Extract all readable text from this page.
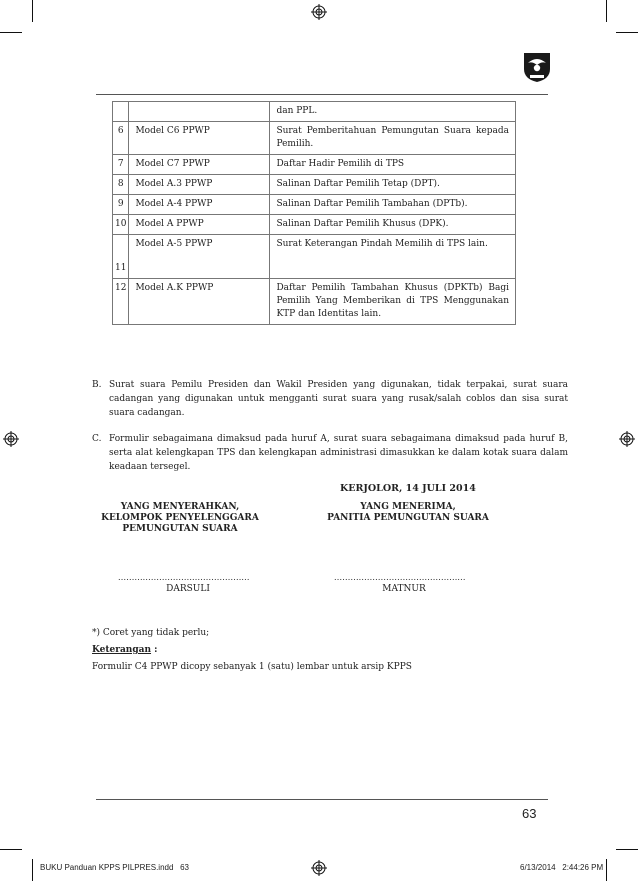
		dan PPL.
6	Model C6 PPWP	Surat Pemberitahuan Pemungutan Suara kepada Pemilih.
7	Model C7 PPWP	Daftar Hadir Pemilih di TPS
8	Model A.3 PPWP	Salinan Daftar Pemilih Tetap (DPT).
9	Model A-4 PPWP	Salinan Daftar Pemilih Tambahan (DPTb).
10	Model A PPWP	Salinan Daftar Pemilih Khusus (DPK).
11	Model A-5 PPWP	Surat Keterangan Pindah Memilih di TPS lain.
12	Model A.K PPWP	Daftar Pemilih Tambahan Khusus (DPKTb) Bagi Pemilih Yang Memberikan di TPS Menggunakan KTP dan Identitas lain.
B. Surat suara Pemilu Presiden dan Wakil Presiden yang digunakan, tidak terpakai, surat suara cadangan yang digunakan untuk mengganti surat suara yang rusak/salah coblos dan sisa surat suara cadangan.
C. Formulir sebagaimana dimaksud pada huruf A, surat suara sebagaimana dimaksud pada huruf B, serta alat kelengkapan TPS dan kelengkapan administrasi dimasukkan ke dalam kotak suara dalam keadaan tersegel.
KERJOLOR, 14 JULI 2014
YANG MENYERAHKAN,
KELOMPOK PENYELENGGARA
PEMUNGUTAN SUARA
................................................
DARSULI
YANG MENERIMA,
PANITIA PEMUNGUTAN SUARA
................................................
MATNUR
*) Coret yang tidak perlu;
Keterangan :
Formulir C4 PPWP dicopy sebanyak 1 (satu) lembar untuk arsip KPPS
63
BUKU Panduan KPPS PILPRES.indd   63	6/13/2014   2:44:26 PM
